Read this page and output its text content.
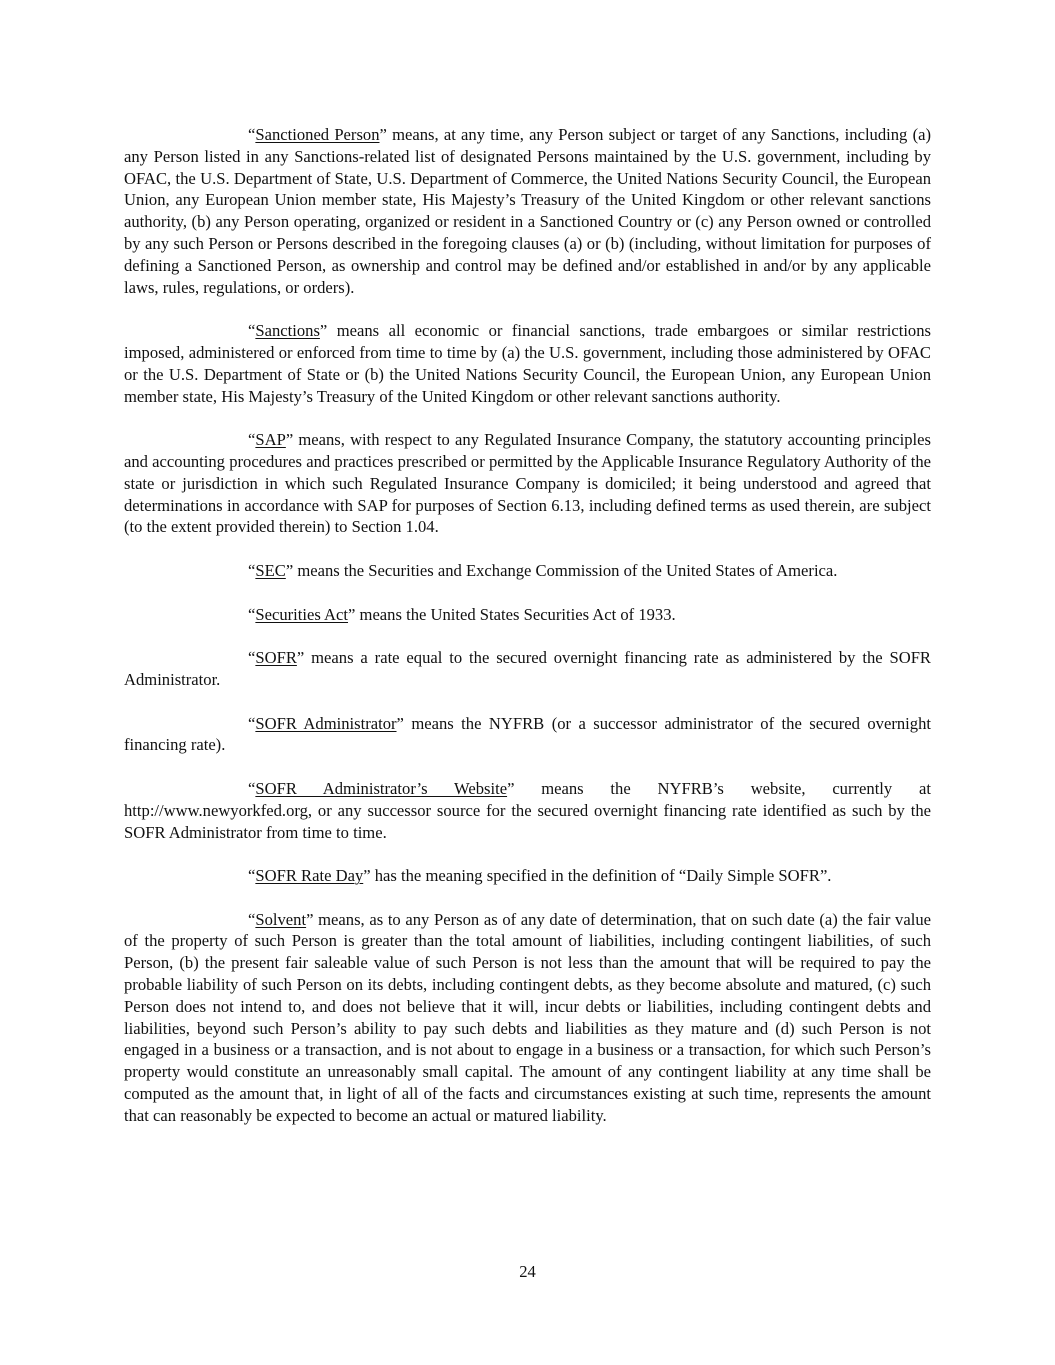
“Sanctioned Person” means, at any time, any Person subject or target of any Sanctions, including (a) any Person listed in any Sanctions-related list of designated Persons maintained by the U.S. government, including by OFAC, the U.S. Department of State, U.S. Department of Commerce, the United Nations Security Council, the European Union, any European Union member state, His Majesty’s Treasury of the United Kingdom or other relevant sanctions authority, (b) any Person operating, organized or resident in a Sanctioned Country or (c) any Person owned or controlled by any such Person or Persons described in the foregoing clauses (a) or (b) (including, without limitation for purposes of defining a Sanctioned Person, as ownership and control may be defined and/or established in and/or by any applicable laws, rules, regulations, or orders).

“Sanctions” means all economic or financial sanctions, trade embargoes or similar restrictions imposed, administered or enforced from time to time by (a) the U.S. government, including those administered by OFAC or the U.S. Department of State or (b) the United Nations Security Council, the European Union, any European Union member state, His Majesty’s Treasury of the United Kingdom or other relevant sanctions authority.

“SAP” means, with respect to any Regulated Insurance Company, the statutory accounting principles and accounting procedures and practices prescribed or permitted by the Applicable Insurance Regulatory Authority of the state or jurisdiction in which such Regulated Insurance Company is domiciled; it being understood and agreed that determinations in accordance with SAP for purposes of Section 6.13, including defined terms as used therein, are subject (to the extent provided therein) to Section 1.04.

“SEC” means the Securities and Exchange Commission of the United States of America.

“Securities Act” means the United States Securities Act of 1933.

“SOFR” means a rate equal to the secured overnight financing rate as administered by the SOFR Administrator.

“SOFR Administrator” means the NYFRB (or a successor administrator of the secured overnight financing rate).

“SOFR Administrator’s Website” means the NYFRB’s website, currently at http://www.newyorkfed.org, or any successor source for the secured overnight financing rate identified as such by the SOFR Administrator from time to time.

“SOFR Rate Day” has the meaning specified in the definition of “Daily Simple SOFR”.

“Solvent” means, as to any Person as of any date of determination, that on such date (a) the fair value of the property of such Person is greater than the total amount of liabilities, including contingent liabilities, of such Person, (b) the present fair saleable value of such Person is not less than the amount that will be required to pay the probable liability of such Person on its debts, including contingent debts, as they become absolute and matured, (c) such Person does not intend to, and does not believe that it will, incur debts or liabilities, including contingent debts and liabilities, beyond such Person’s ability to pay such debts and liabilities as they mature and (d) such Person is not engaged in a business or a transaction, and is not about to engage in a business or a transaction, for which such Person’s property would constitute an unreasonably small capital. The amount of any contingent liability at any time shall be computed as the amount that, in light of all of the facts and circumstances existing at such time, represents the amount that can reasonably be expected to become an actual or matured liability.

24
